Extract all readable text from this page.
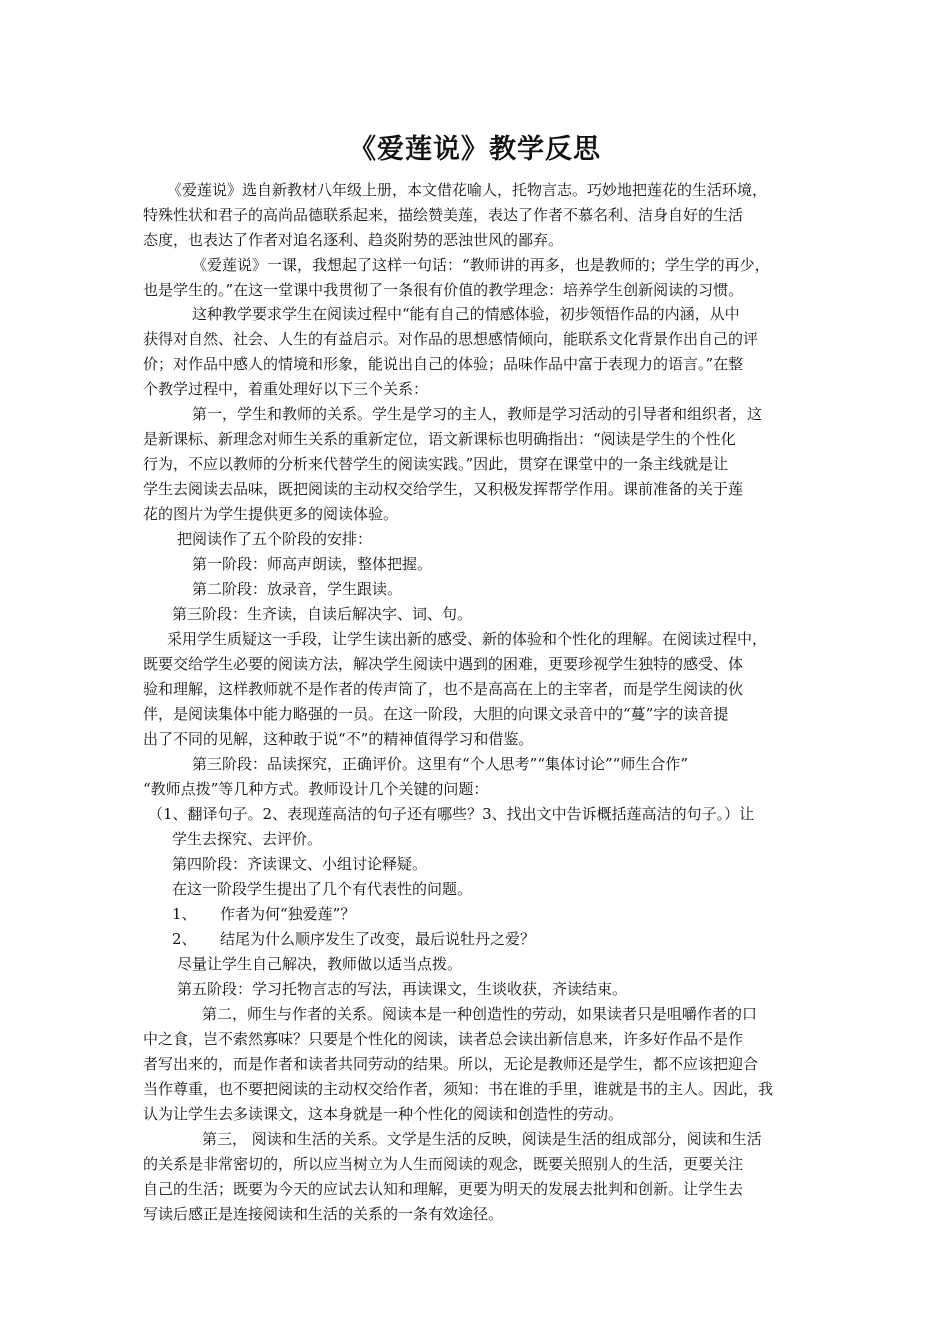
《爱莲说》教学反思
《爱莲说》选自新教材八年级上册，本文借花喻人，托物言志。巧妙地把莲花的生活环境，
特殊性状和君子的高尚品德联系起来，描绘赞美莲，表达了作者不慕名利、洁身自好的生活
态度，也表达了作者对追名逐利、趋炎附势的恶浊世风的鄙弃。
《爱莲说》一课，我想起了这样一句话：“教师讲的再多，也是教师的；学生学的再少，
也是学生的。”在这一堂课中我贯彻了一条很有价值的教学理念：培养学生创新阅读的习惯。
这种教学要求学生在阅读过程中“能有自己的情感体验，初步领悟作品的内涵，从中
获得对自然、社会、人生的有益启示。对作品的思想感情倾向，能联系文化背景作出自己的评
价；对作品中感人的情境和形象，能说出自己的体验；品味作品中富于表现力的语言。”在整
个教学过程中，着重处理好以下三个关系：
第一，学生和教师的关系。学生是学习的主人，教师是学习活动的引导者和组织者，这
是新课标、新理念对师生关系的重新定位，语文新课标也明确指出：“阅读是学生的个性化
行为，不应以教师的分析来代替学生的阅读实践。”因此，贯穿在课堂中的一条主线就是让
学生去阅读去品味，既把阅读的主动权交给学生，又积极发挥帮学作用。课前准备的关于莲
花的图片为学生提供更多的阅读体验。
把阅读作了五个阶段的安排：
第一阶段：师高声朗读，整体把握。
第二阶段：放录音，学生跟读。
第三阶段：生齐读，自读后解决字、词、句。
采用学生质疑这一手段，让学生读出新的感受、新的体验和个性化的理解。在阅读过程中，
既要交给学生必要的阅读方法，解决学生阅读中遇到的困难，更要珍视学生独特的感受、体
验和理解，这样教师就不是作者的传声筒了，也不是高高在上的主宰者，而是学生阅读的伙
伴，是阅读集体中能力略强的一员。在这一阶段，大胆的向课文录音中的“蔓”字的读音提
出了不同的见解，这种敢于说“不”的精神值得学习和借鉴。
第三阶段：品读探究，正确评价。这里有“个人思考”“集体讨论”“师生合作”
“教师点拨”等几种方式。教师设计几个关键的问题：
（1、翻译句子。2、表现莲高洁的句子还有哪些？3、找出文中告诉概括莲高洁的句子。）让
学生去探究、去评价。
第四阶段：齐读课文、小组讨论释疑。
在这一阶段学生提出了几个有代表性的问题。
1、 作者为何“独爱莲”？
2、 结尾为什么顺序发生了改变，最后说牡丹之爱？
尽量让学生自己解决，教师做以适当点拨。
第五阶段：学习托物言志的写法，再读课文，生谈收获，齐读结束。
第二，师生与作者的关系。阅读本是一种创造性的劳动，如果读者只是咀嚼作者的口
中之食，岂不索然寡味？只要是个性化的阅读，读者总会读出新信息来，许多好作品不是作
者写出来的，而是作者和读者共同劳动的结果。所以，无论是教师还是学生，都不应该把迎合
当作尊重，也不要把阅读的主动权交给作者，须知：书在谁的手里，谁就是书的主人。因此，我
认为让学生去多读课文，这本身就是一种个性化的阅读和创造性的劳动。
第三， 阅读和生活的关系。文学是生活的反映，阅读是生活的组成部分，阅读和生活
的关系是非常密切的，所以应当树立为人生而阅读的观念，既要关照别人的生活，更要关注
自己的生活；既要为今天的应试去认知和理解，更要为明天的发展去批判和创新。让学生去
写读后感正是连接阅读和生活的关系的一条有效途径。
